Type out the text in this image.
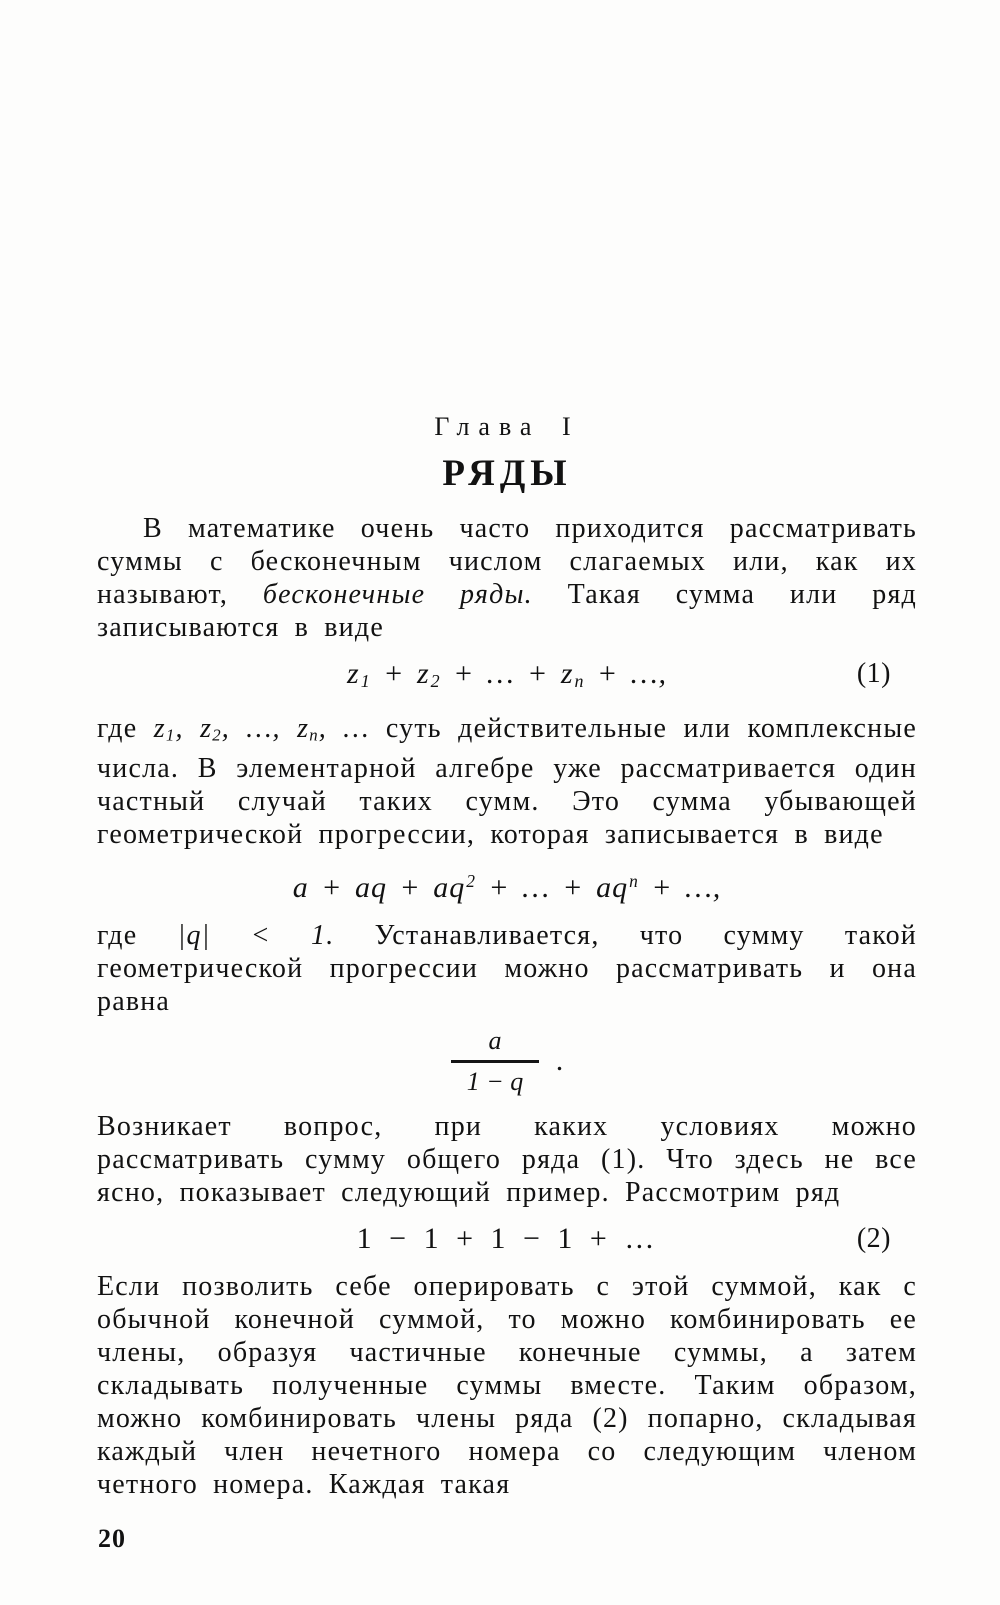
Глава I
РЯДЫ

В математике очень часто приходится рассматривать суммы с бесконечным числом слагаемых или, как их называют, бесконечные ряды. Такая сумма или ряд записываются в виде

$z_1 + z_2$ + … + $z_n$ + …,	(1)

где $z_1$, $z_2$, …, $z_n$, … суть действительные или комплексные числа. В элементарной алгебре уже рассматривается один частный случай таких сумм. Это сумма убывающей геометрической прогрессии, которая записывается в виде

a + aq + $aq^2$ + … + $aq^n$ + …,

где |q| < 1. Устанавливается, что сумму такой геометрической прогрессии можно рассматривать и она равна

$\frac{a}{1 - q}$ .

Возникает вопрос, при каких условиях можно рассматривать сумму общего ряда (1). Что здесь не все ясно, показывает следующий пример. Рассмотрим ряд

1 − 1 + 1 − 1 + …	(2)

Если позволить себе оперировать с этой суммой, как с обычной конечной суммой, то можно комбинировать ее члены, образуя частичные конечные суммы, а затем складывать полученные суммы вместе. Таким образом, можно комбинировать члены ряда (2) попарно, складывая каждый член нечетного номера со следующим членом четного номера. Каждая такая

20
